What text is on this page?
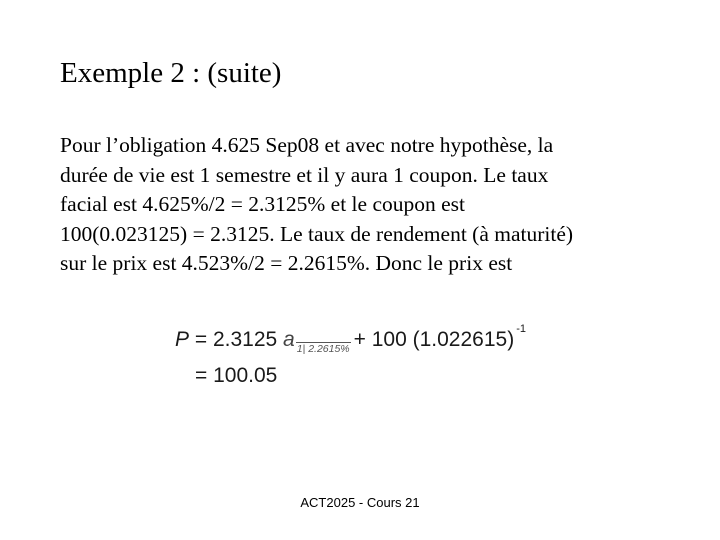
Exemple 2 : (suite)
Pour l’obligation 4.625 Sep08 et avec notre hypothèse, la
durée de vie est 1 semestre et il y aura 1 coupon. Le taux
facial est 4.625%/2 = 2.3125% et le coupon est
100(0.023125) = 2.3125. Le taux de rendement (à maturité)
sur le prix est 4.523%/2 = 2.2615%. Donc le prix est
P = 2.3125 a $_{1| 2.2615\%}$ + 100 (1.022615) $^{-1}$
= 100.05
ACT2025 - Cours 21
